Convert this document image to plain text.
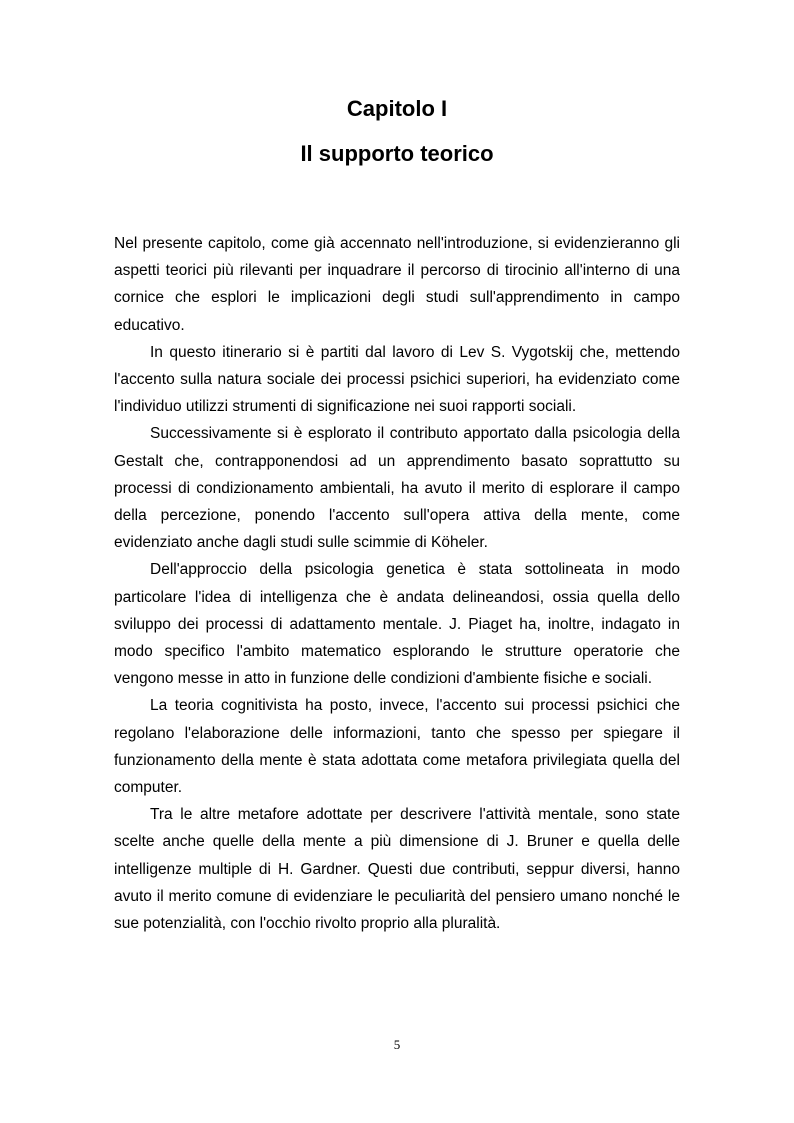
Capitolo I
Il supporto teorico

Nel presente capitolo, come già accennato nell'introduzione, si evidenzieranno gli aspetti teorici più rilevanti per inquadrare il percorso di tirocinio all'interno di una cornice che esplori le implicazioni degli studi sull'apprendimento in campo educativo.

In questo itinerario si è partiti dal lavoro di Lev S. Vygotskij che, mettendo l'accento sulla natura sociale dei processi psichici superiori, ha evidenziato come l'individuo utilizzi strumenti di significazione nei suoi rapporti sociali.

Successivamente si è esplorato il contributo apportato dalla psicologia della Gestalt che, contrapponendosi ad un apprendimento basato soprattutto su processi di condizionamento ambientali, ha avuto il merito di esplorare il campo della percezione, ponendo l'accento sull'opera attiva della mente, come evidenziato anche dagli studi sulle scimmie di Köheler.

Dell'approccio della psicologia genetica è stata sottolineata in modo particolare l'idea di intelligenza che è andata delineandosi, ossia quella dello sviluppo dei processi di adattamento mentale. J. Piaget ha, inoltre, indagato in modo specifico l'ambito matematico esplorando le strutture operatorie che vengono messe in atto in funzione delle condizioni d'ambiente fisiche e sociali.

La teoria cognitivista ha posto, invece, l'accento sui processi psichici che regolano l'elaborazione delle informazioni, tanto che spesso per spiegare il funzionamento della mente è stata adottata come metafora privilegiata quella del computer.

Tra le altre metafore adottate per descrivere l'attività mentale, sono state scelte anche quelle della mente a più dimensione di J. Bruner e quella delle intelligenze multiple di H. Gardner. Questi due contributi, seppur diversi, hanno avuto il merito comune di evidenziare le peculiarità del pensiero umano nonché le sue potenzialità, con l'occhio rivolto proprio alla pluralità.

5
